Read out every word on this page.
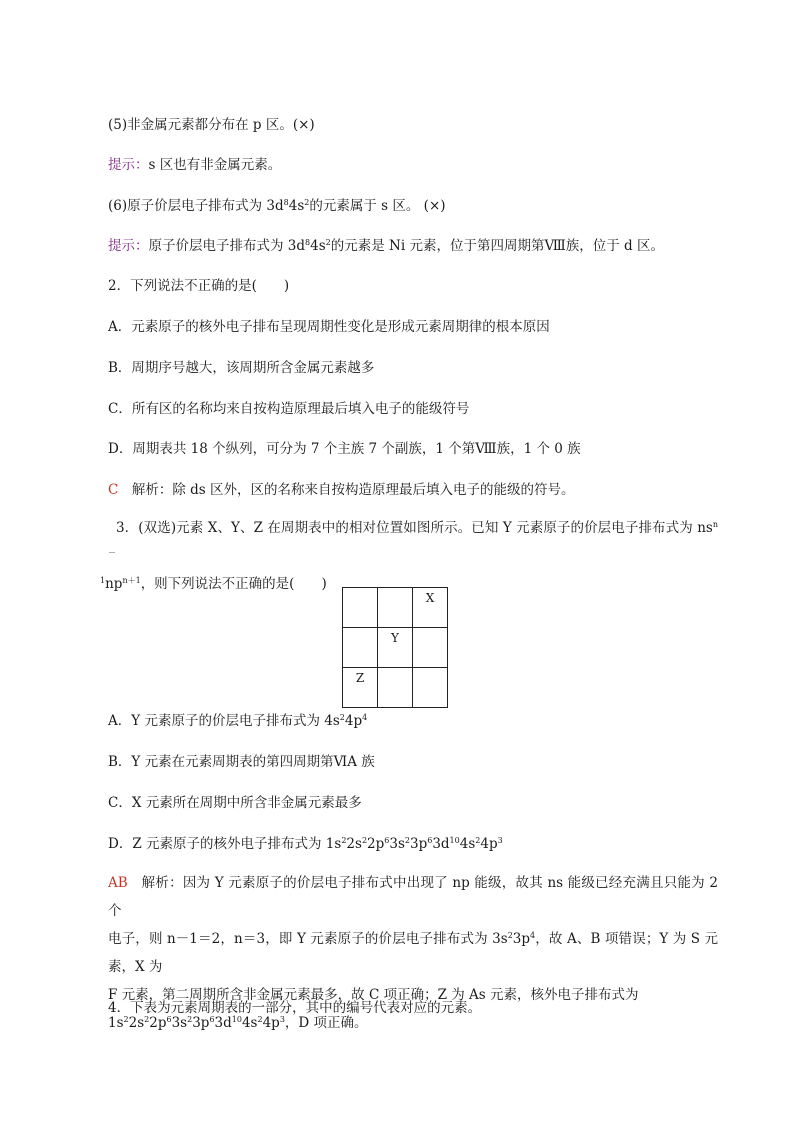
(5)非金属元素都分布在 p 区。(×)
提示：s 区也有非金属元素。
(6)原子价层电子排布式为 $3d^84s^2$的元素属于 s 区。 (×)
提示：原子价层电子排布式为 $3d^84s^2$的元素是 Ni 元素，位于第四周期第Ⅷ族，位于 d 区。
2．下列说法不正确的是(　　)
A．元素原子的核外电子排布呈现周期性变化是形成元素周期律的根本原因
B．周期序号越大，该周期所含金属元素越多
C．所有区的名称均来自按构造原理最后填入电子的能级符号
D．周期表共 18 个纵列，可分为 7 个主族 7 个副族，1 个第Ⅷ族，1 个 0 族
C　解析：除 ds 区外，区的名称来自按构造原理最后填入电子的能级的符号。
3．(双选)元素 X、Y、Z 在周期表中的相对位置如图所示。已知 Y 元素原子的价层电子排布式为 $ns^{n-}$
$^1np^{n+1}$，则下列说法不正确的是(　　)
		X
	Y	
Z		
A．Y 元素原子的价层电子排布式为 $4s^24p^4$
B．Y 元素在元素周期表的第四周期第ⅥA 族
C．X 元素所在周期中所含非金属元素最多
D．Z 元素原子的核外电子排布式为 $1s^22s^22p^63s^23p^63d^{10}4s^24p^3$
AB　解析：因为 Y 元素原子的价层电子排布式中出现了 np 能级，故其 ns 能级已经充满且只能为 2 个
电子，则 n－1＝2，n＝3，即 Y 元素原子的价层电子排布式为 $3s^23p^4$，故 A、B 项错误；Y 为 S 元素，X 为
F 元素，第二周期所含非金属元素最多，故 C 项正确；Z 为 As 元素，核外电子排布式为
$1s^22s^22p^63s^23p^63d^{10}4s^24p^3$，D 项正确。
4．下表为元素周期表的一部分，其中的编号代表对应的元素。
